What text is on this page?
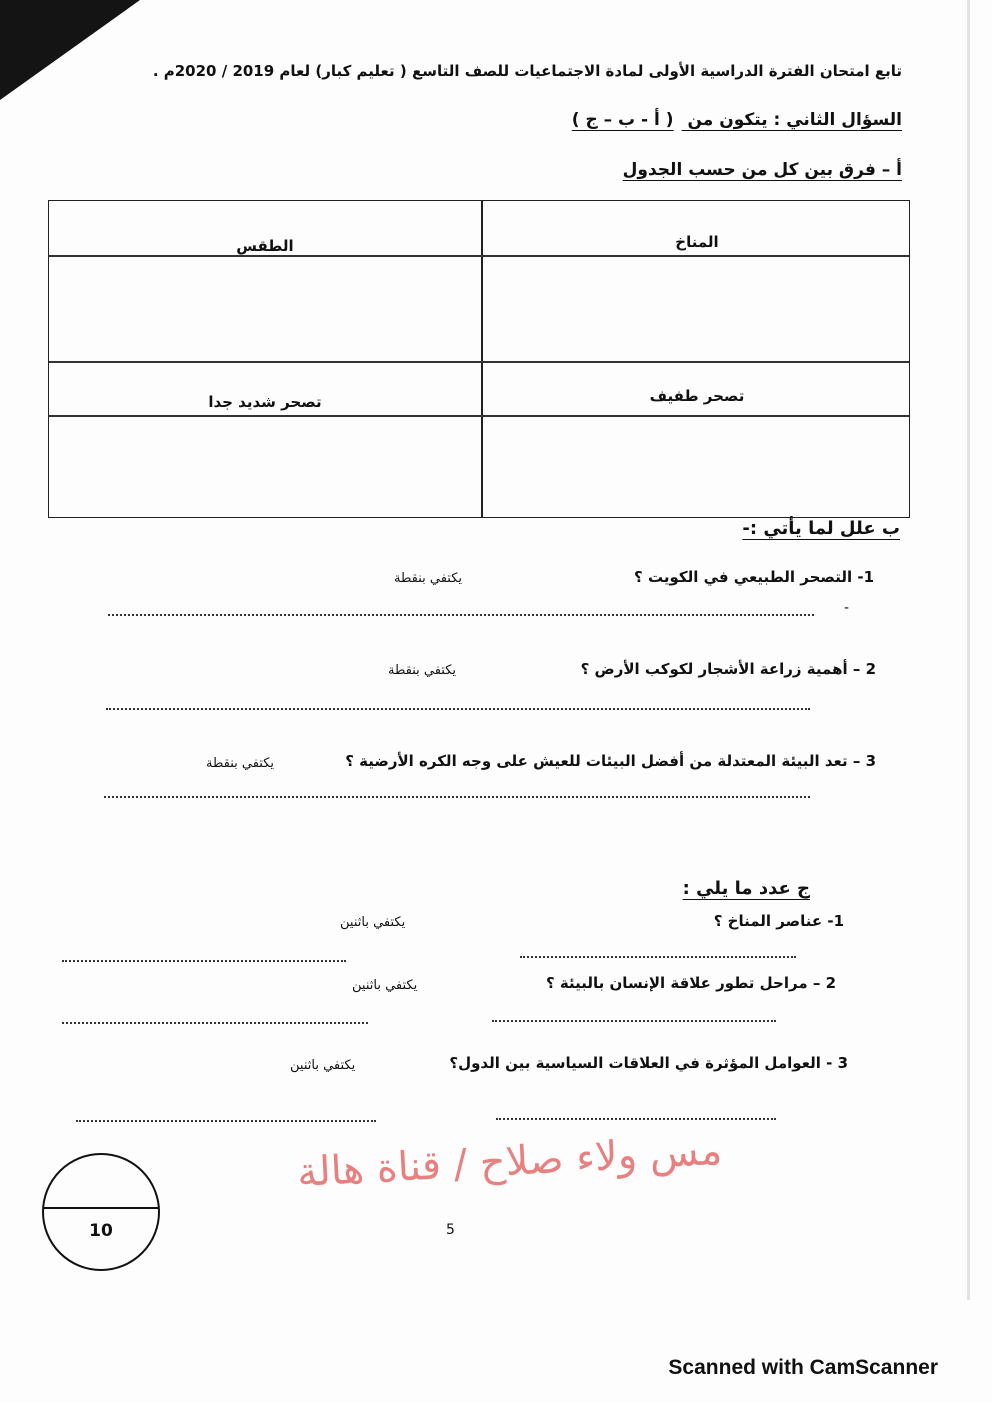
تابع امتحان الفترة الدراسية الأولى لمادة الاجتماعيات للصف التاسع ( تعليم كبار) لعام 2019 / 2020م .
السؤال الثاني : يتكون من ( أ - ب – ج )
أ – فرق بين كل من حسب الجدول
المناخ
الطقس
تصحر طفيف
تصحر شديد جدا
ب علل لما يأتي :-
1- التصحر الطبيعي في الكويت ؟
يكتفي بنقطة
-
2 – أهمية زراعة الأشجار لكوكب الأرض ؟
يكتفي بنقطة
3 – تعد البيئة المعتدلة من أفضل البيئات للعيش على وجه الكره الأرضية ؟
يكتفي بنقطة
ج عدد ما يلي :
1- عناصر المناخ ؟
يكتفي باثنين
2 – مراحل تطور علاقة الإنسان بالبيئة ؟
يكتفي باثنين
3 - العوامل المؤثرة في العلاقات السياسية بين الدول؟
يكتفي باثنين
10	5
مس ولاء صلاح / قناة هالة
Scanned with CamScanner
